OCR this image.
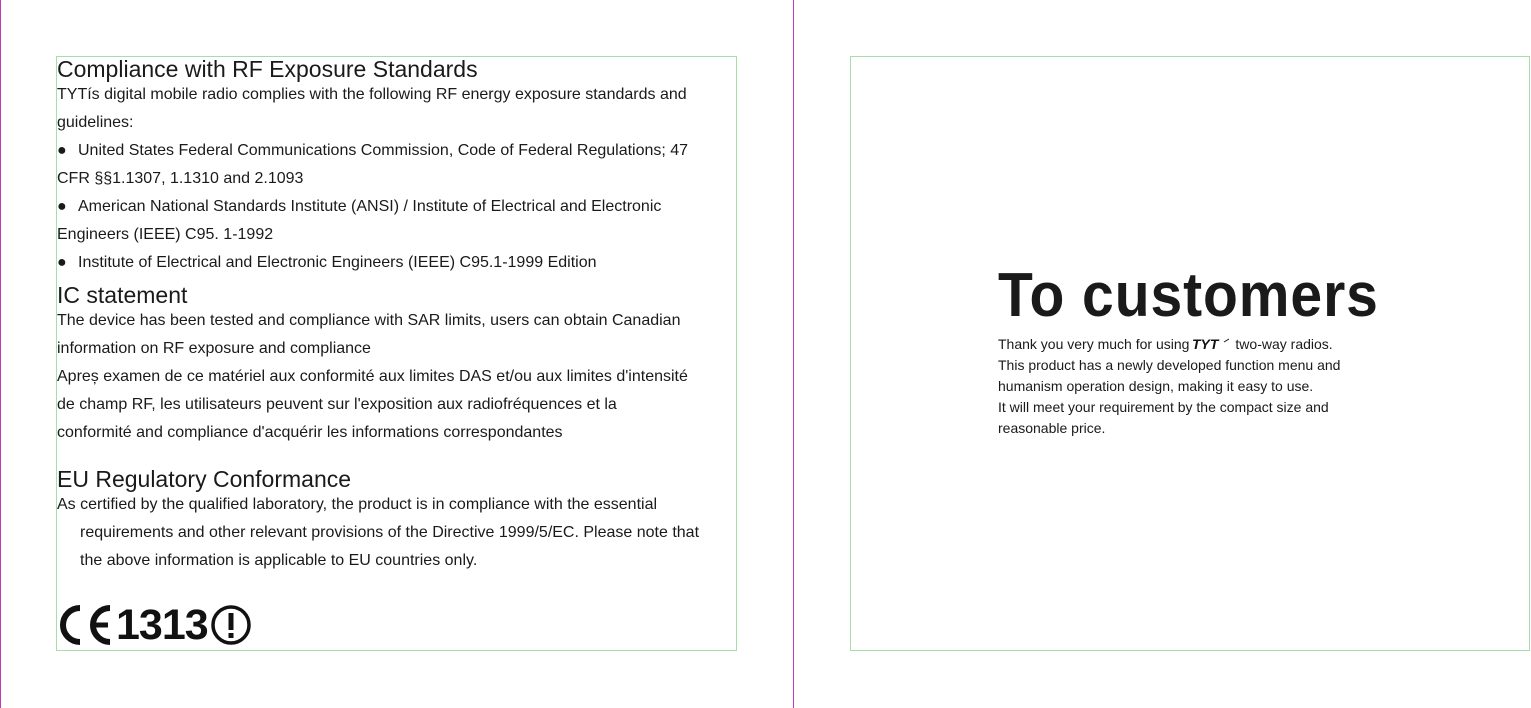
Compliance with RF Exposure Standards

TYTís digital mobile radio complies with the following RF energy exposure standards and

guidelines:

● United States Federal Communications Commission, Code of Federal Regulations; 47

CFR §§1.1307, 1.1310 and 2.1093

● American National Standards Institute (ANSI) / Institute of Electrical and Electronic

Engineers (IEEE) C95. 1-1992

● Institute of Electrical and Electronic Engineers (IEEE) C95.1-1999 Edition

IC statement

The device has been tested and compliance with SAR limits, users can obtain Canadian

information on RF exposure and compliance

Apreș examen de ce matériel aux conformité aux limites DAS et/ou aux limites d'intensité

de champ RF, les utilisateurs peuvent sur l'exposition aux radiofréquences et la

conformité and compliance d'acquérir les informations correspondantes

EU Regulatory Conformance

As certified by the qualified laboratory, the product is in compliance with the essential

requirements and other relevant provisions of the Directive 1999/5/EC. Please note that

the above information is applicable to EU countries only.

1313
To customers

Thank you very much for using TYT two-way radios.

This product has a newly developed function menu and

humanism operation design, making it easy to use.

It will meet your requirement by the compact size and

reasonable price.
